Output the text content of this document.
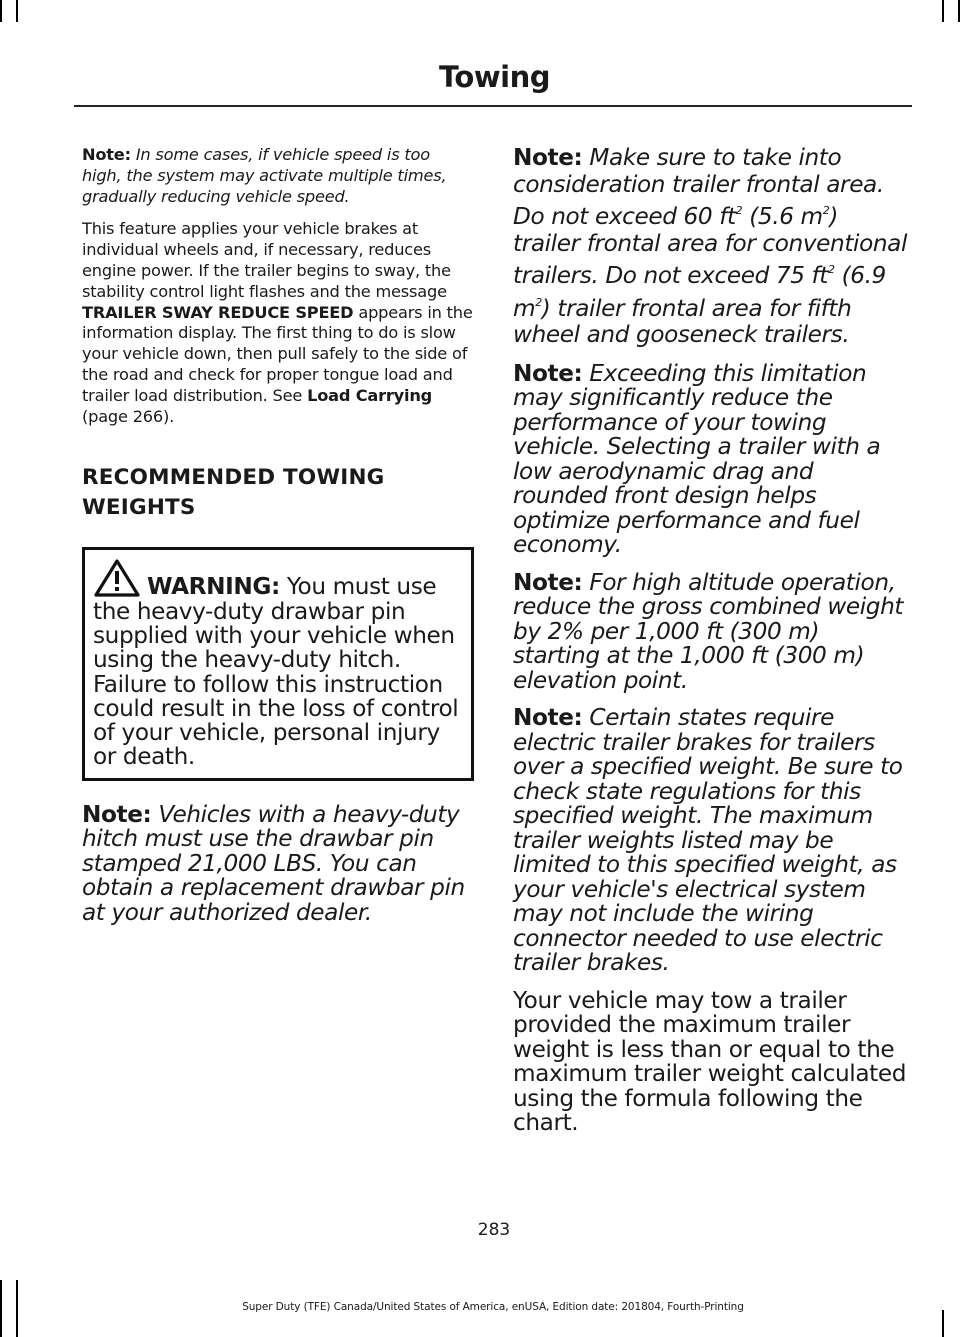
Towing

Note: In some cases, if vehicle speed is too high, the system may activate multiple times, gradually reducing vehicle speed.

This feature applies your vehicle brakes at individual wheels and, if necessary, reduces engine power. If the trailer begins to sway, the stability control light flashes and the message TRAILER SWAY REDUCE SPEED appears in the information display. The first thing to do is slow your vehicle down, then pull safely to the side of the road and check for proper tongue load and trailer load distribution. See Load Carrying (page 266).

RECOMMENDED TOWING
WEIGHTS
WARNING: You must use the heavy-duty drawbar pin supplied with your vehicle when using the heavy-duty hitch. Failure to follow this instruction could result in the loss of control of your vehicle, personal injury or death.

Note: Vehicles with a heavy-duty hitch must use the drawbar pin stamped 21,000 LBS. You can obtain a replacement drawbar pin at your authorized dealer.

Note: Make sure to take into consideration trailer frontal area. Do not exceed 60 $ft^2$ (5.6 $m^2$) trailer frontal area for conventional trailers. Do not exceed 75 $ft^2$ (6.9 $m^2$) trailer frontal area for fifth wheel and gooseneck trailers.

Note: Exceeding this limitation may significantly reduce the performance of your towing vehicle. Selecting a trailer with a low aerodynamic drag and rounded front design helps optimize performance and fuel economy.

Note: For high altitude operation, reduce the gross combined weight by 2% per 1,000 ft (300 m) starting at the 1,000 ft (300 m) elevation point.

Note: Certain states require electric trailer brakes for trailers over a specified weight. Be sure to check state regulations for this specified weight. The maximum trailer weights listed may be limited to this specified weight, as your vehicle's electrical system may not include the wiring connector needed to use electric trailer brakes.

Your vehicle may tow a trailer provided the maximum trailer weight is less than or equal to the maximum trailer weight calculated using the formula following the chart.

283
Super Duty (TFE) Canada/United States of America, enUSA, Edition date: 201804, Fourth-Printing
